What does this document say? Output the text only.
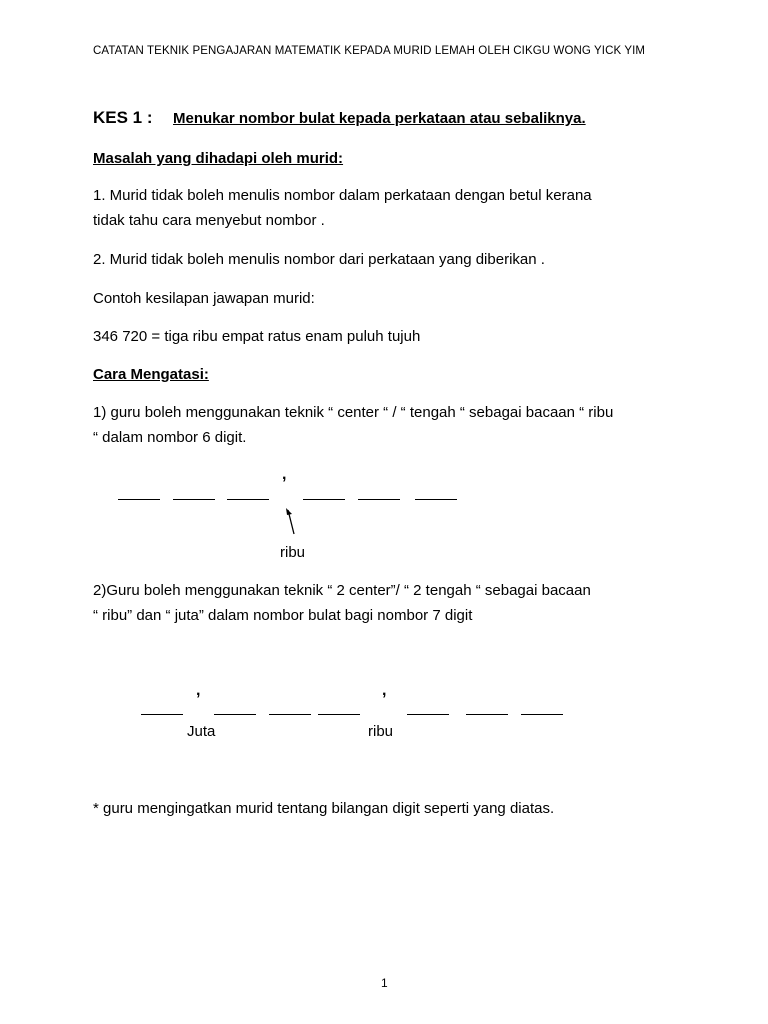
CATATAN TEKNIK PENGAJARAN MATEMATIK KEPADA MURID LEMAH OLEH CIKGU WONG YICK YIM
KES 1 : Menukar nombor bulat kepada perkataan atau sebaliknya.
Masalah yang dihadapi oleh murid:
1. Murid tidak boleh menulis nombor dalam perkataan dengan betul kerana
tidak tahu cara menyebut nombor .
2. Murid tidak boleh menulis nombor dari perkataan yang diberikan .
Contoh kesilapan jawapan murid:
346 720 = tiga ribu empat ratus enam puluh tujuh
Cara Mengatasi:
1) guru boleh menggunakan teknik “ center “ / “ tengah “ sebagai bacaan “ ribu
“ dalam nombor 6 digit.
,
ribu
2)Guru boleh menggunakan teknik “ 2 center”/ “ 2 tengah “ sebagai bacaan
“ ribu” dan “ juta” dalam nombor bulat bagi nombor 7 digit
,	,
Juta	ribu
* guru mengingatkan murid tentang bilangan digit seperti yang diatas.
1
